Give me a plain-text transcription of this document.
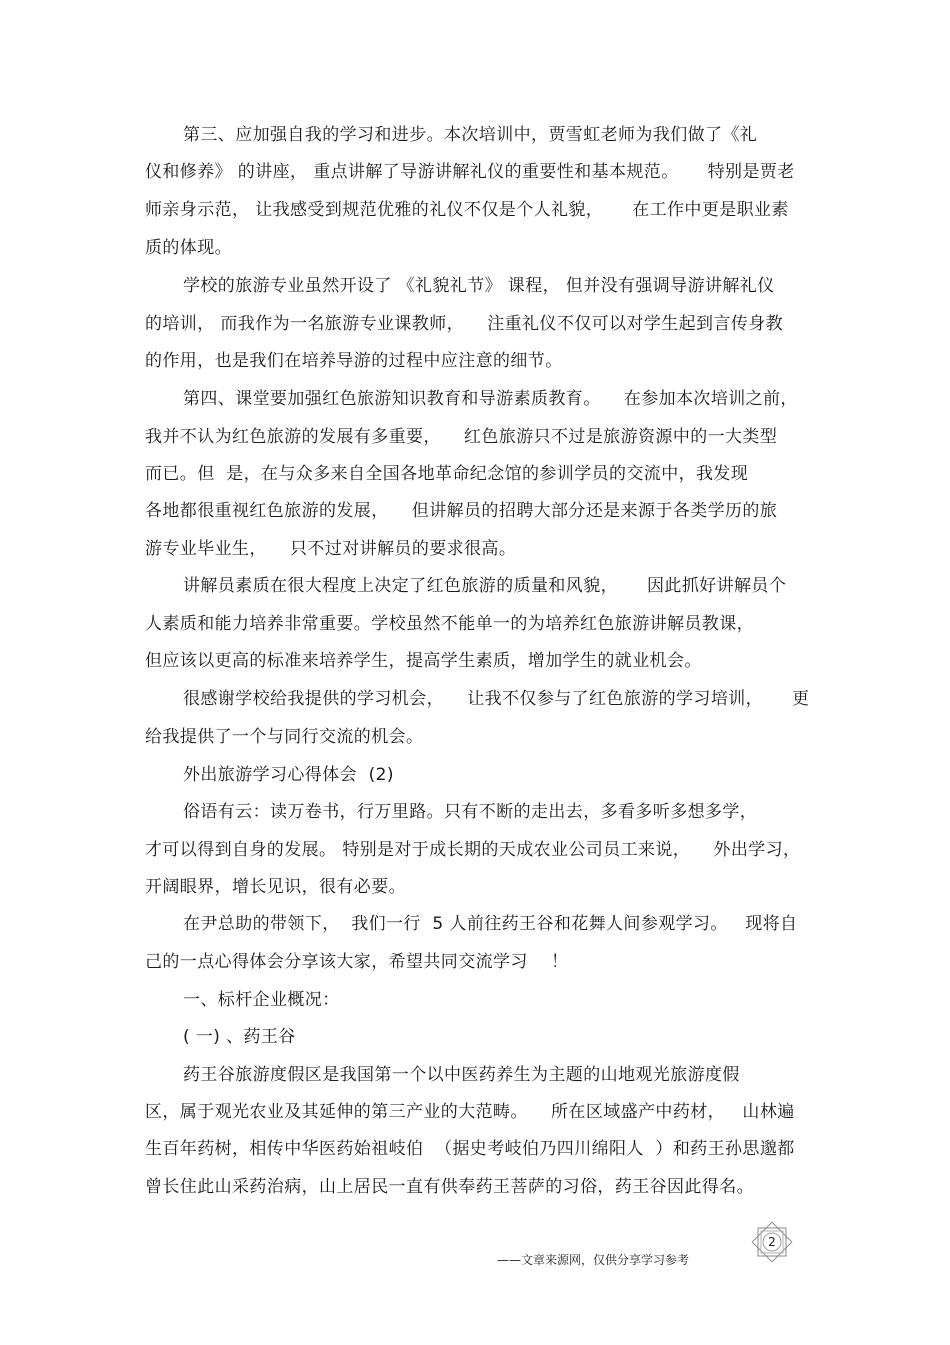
第三、应加强自我的学习和进步。本次培训中，贾雪虹老师为我们做了《礼
仪和修养》 的讲座， 重点讲解了导游讲解礼仪的重要性和基本规范。     特别是贾老
师亲身示范， 让我感受到规范优雅的礼仪不仅是个人礼貌，     在工作中更是职业素
质的体现。
学校的旅游专业虽然开设了 《礼貌礼节》 课程， 但并没有强调导游讲解礼仪
的培训， 而我作为一名旅游专业课教师，    注重礼仪不仅可以对学生起到言传身教
的作用，也是我们在培养导游的过程中应注意的细节。
第四、课堂要加强红色旅游知识教育和导游素质教育。    在参加本次培训之前，
我并不认为红色旅游的发展有多重要，    红色旅游只不过是旅游资源中的一大类型
而已。但  是，在与众多来自全国各地革命纪念馆的参训学员的交流中，我发现
各地都很重视红色旅游的发展，    但讲解员的招聘大部分还是来源于各类学历的旅
游专业毕业生，    只不过对讲解员的要求很高。
讲解员素质在很大程度上决定了红色旅游的质量和风貌，     因此抓好讲解员个
人素质和能力培养非常重要。学校虽然不能单一的为培养红色旅游讲解员教课，
但应该以更高的标准来培养学生，提高学生素质，增加学生的就业机会。
很感谢学校给我提供的学习机会，    让我不仅参与了红色旅游的学习培训，     更
给我提供了一个与同行交流的机会。
外出旅游学习心得体会  (2)
俗语有云：读万卷书，行万里路。只有不断的走出去，多看多听多想多学，
才可以得到自身的发展。 特别是对于成长期的天成农业公司员工来说，    外出学习，
开阔眼界，增长见识，很有必要。
在尹总助的带领下，  我们一行  5 人前往药王谷和花舞人间参观学习。   现将自
己的一点心得体会分享该大家，希望共同交流学习    ！
一、标杆企业概况：
( 一) 、药王谷
药王谷旅游度假区是我国第一个以中医药养生为主题的山地观光旅游度假
区，属于观光农业及其延伸的第三产业的大范畴。    所在区域盛产中药材，   山林遍
生百年药树，相传中华医药始祖岐伯  （据史考岐伯乃四川绵阳人  ）和药王孙思邈都
曾长住此山采药治病，山上居民一直有供奉药王菩萨的习俗，药王谷因此得名。
——文章来源网，仅供分享学习参考
2
